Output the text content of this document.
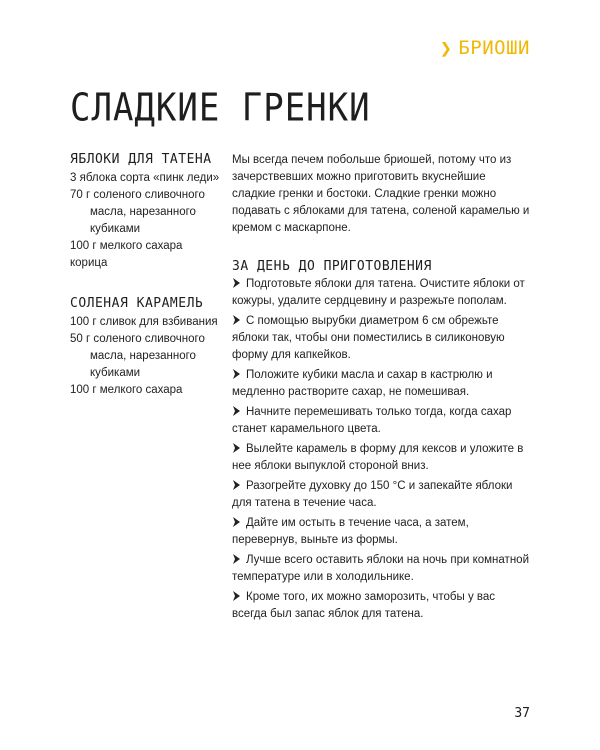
❯ БРИОШИ
СЛАДКИЕ ГРЕНКИ
ЯБЛОКИ ДЛЯ ТАТЕНА

3 яблока сорта «пинк леди»

70 г соленого сливочного

масла, нарезанного

кубиками

100 г мелкого сахара

корица

СОЛЕНАЯ КАРАМЕЛЬ

100 г сливок для взбивания

50 г соленого сливочного

масла, нарезанного

кубиками

100 г мелкого сахара

Мы всегда печем побольше бриошей, потому что из зачерствевших можно приготовить вкуснейшие сладкие гренки и бостоки. Сладкие гренки можно подавать с яблоками для татена, соленой карамелью и кремом с маскарпоне.

ЗА ДЕНЬ ДО ПРИГОТОВЛЕНИЯ

Подготовьте яблоки для татена. Очистите яблоки от кожуры, удалите сердцевину и разрежьте пополам.

С помощью вырубки диаметром 6 см обрежьте яблоки так, чтобы они поместились в силиконовую форму для капкейков.

Положите кубики масла и сахар в кастрюлю и медленно растворите сахар, не помешивая.

Начните перемешивать только тогда, когда сахар станет карамельного цвета.

Вылейте карамель в форму для кексов и уложите в нее яблоки выпуклой стороной вниз.

Разогрейте духовку до 150 °С и запекайте яблоки для татена в течение часа.

Дайте им остыть в течение часа, а затем, перевернув, выньте из формы.

Лучше всего оставить яблоки на ночь при комнатной температуре или в холодильнике.

Кроме того, их можно заморозить, чтобы у вас всегда был запас яблок для татена.

37
